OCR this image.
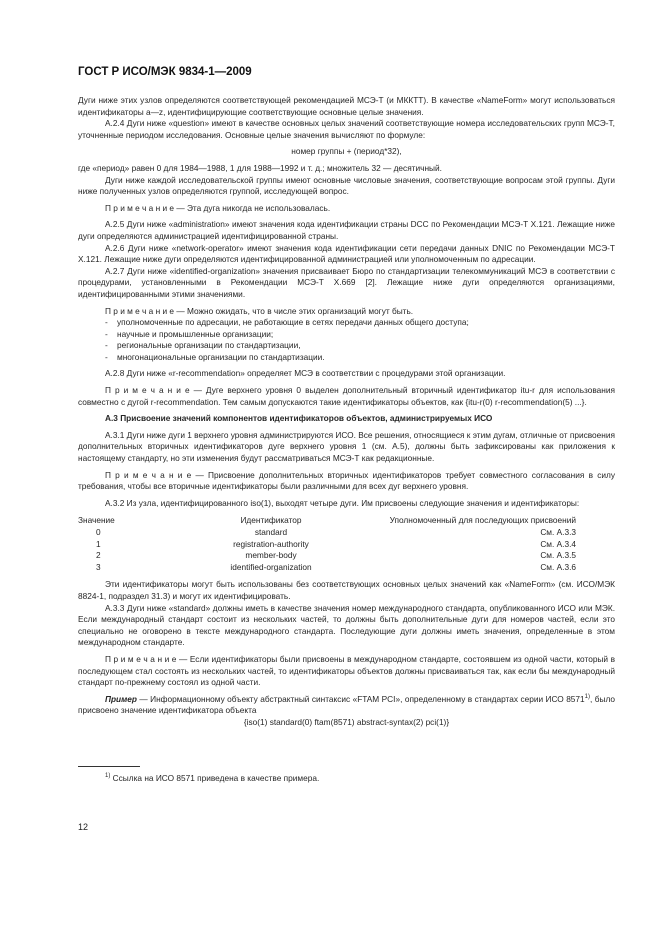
ГОСТ Р ИСО/МЭК 9834-1—2009

Дуги ниже этих узлов определяются соответствующей рекомендацией МСЭ-Т (и МККТТ). В качестве «NameForm» могут использоваться идентификаторы a—z, идентифицирующие соответствующие основные целые значения.

А.2.4 Дуги ниже «question» имеют в качестве основных целых значений соответствующие номера исследовательских групп МСЭ-Т, уточненные периодом исследования. Основные целые значения вычисляют по формуле:

номер группы + (период*32),

где «период» равен 0 для 1984—1988, 1 для 1988—1992 и т. д.; множитель 32 — десятичный.

Дуги ниже каждой исследовательской группы имеют основные числовые значения, соответствующие вопросам этой группы. Дуги ниже полученных узлов определяются группой, исследующей вопрос.

П р и м е ч а н и е — Эта дуга никогда не использовалась.

А.2.5 Дуги ниже «administration» имеют значения кода идентификации страны DCC по Рекомендации МСЭ-Т Х.121. Лежащие ниже дуги определяются администрацией идентифицированной страны.

А.2.6 Дуги ниже «network-operator» имеют значения кода идентификации сети передачи данных DNIC по Рекомендации МСЭ-Т Х.121. Лежащие ниже дуги определяются идентифицированной администрацией или уполномоченным по адресации.

А.2.7 Дуги ниже «identified-organization» значения присваивает Бюро по стандартизации телекоммуникаций МСЭ в соответствии с процедурами, установленными в Рекомендации МСЭ-Т Х.669 [2]. Лежащие ниже дуги определяются организациями, идентифицированными этими значениями.

П р и м е ч а н и е — Можно ожидать, что в числе этих организаций могут быть.

- уполномоченные по адресации, не работающие в сетях передачи данных общего доступа;

- научные и промышленные организации;

- региональные организации по стандартизации,

- многонациональные организации по стандартизации.

А.2.8 Дуги ниже «r-recommendation» определяет МСЭ в соответствии с процедурами этой организации.

П р и м е ч а н и е — Дуге верхнего уровня 0 выделен дополнительный вторичный идентификатор itu-r для использования совместно с дугой r-recommendation. Тем самым допускаются такие идентификаторы объектов, как {itu-r(0) r-recommendation(5) ...}.

А.3 Присвоение значений компонентов идентификаторов объектов, администрируемых ИСО

А.3.1 Дуги ниже дуги 1 верхнего уровня администрируются ИСО. Все решения, относящиеся к этим дугам, отличные от присвоения дополнительных вторичных идентификаторов дуге верхнего уровня 1 (см. А.5), должны быть зафиксированы как приложения к настоящему стандарту, но эти изменения будут рассматриваться МСЭ-Т как редакционные.

П р и м е ч а н и е — Присвоение дополнительных вторичных идентификаторов требует совместного согласования в силу требования, чтобы все вторичные идентификаторы были различными для всех дуг верхнего уровня.

А.3.2 Из узла, идентифицированного iso(1), выходят четыре дуги. Им присвоены следующие значения и идентификаторы:

Значение	Идентификатор	Уполномоченный для последующих присвоений
0	standard	См. А.3.3
1	registration-authority	См. А.3.4
2	member-body	См. А.3.5
3	identified-organization	См. А.3.6

Эти идентификаторы могут быть использованы без соответствующих основных целых значений как «NameForm» (см. ИСО/МЭК 8824-1, подраздел 31.3) и могут их идентифицировать.

А.3.3 Дуги ниже «standard» должны иметь в качестве значения номер международного стандарта, опубликованного ИСО или МЭК. Если международный стандарт состоит из нескольких частей, то должны быть дополнительные дуги для номеров частей, если это специально не оговорено в тексте международного стандарта. Последующие дуги должны иметь значения, определенные в этом международном стандарте.

П р и м е ч а н и е — Если идентификаторы были присвоены в международном стандарте, состоявшем из одной части, который в последующем стал состоять из нескольких частей, то идентификаторы объектов должны присваиваться так, как если бы международный стандарт по-прежнему состоял из одной части.

Пример — Информационному объекту абстрактный синтаксис «FTAM PCI», определенному в стандартах серии ИСО 8571$^{1)}$, было присвоено значение идентификатора объекта

{iso(1) standard(0) ftam(8571) abstract-syntax(2) pci(1)}

$^{1)}$ Ссылка на ИСО 8571 приведена в качестве примера.
12
